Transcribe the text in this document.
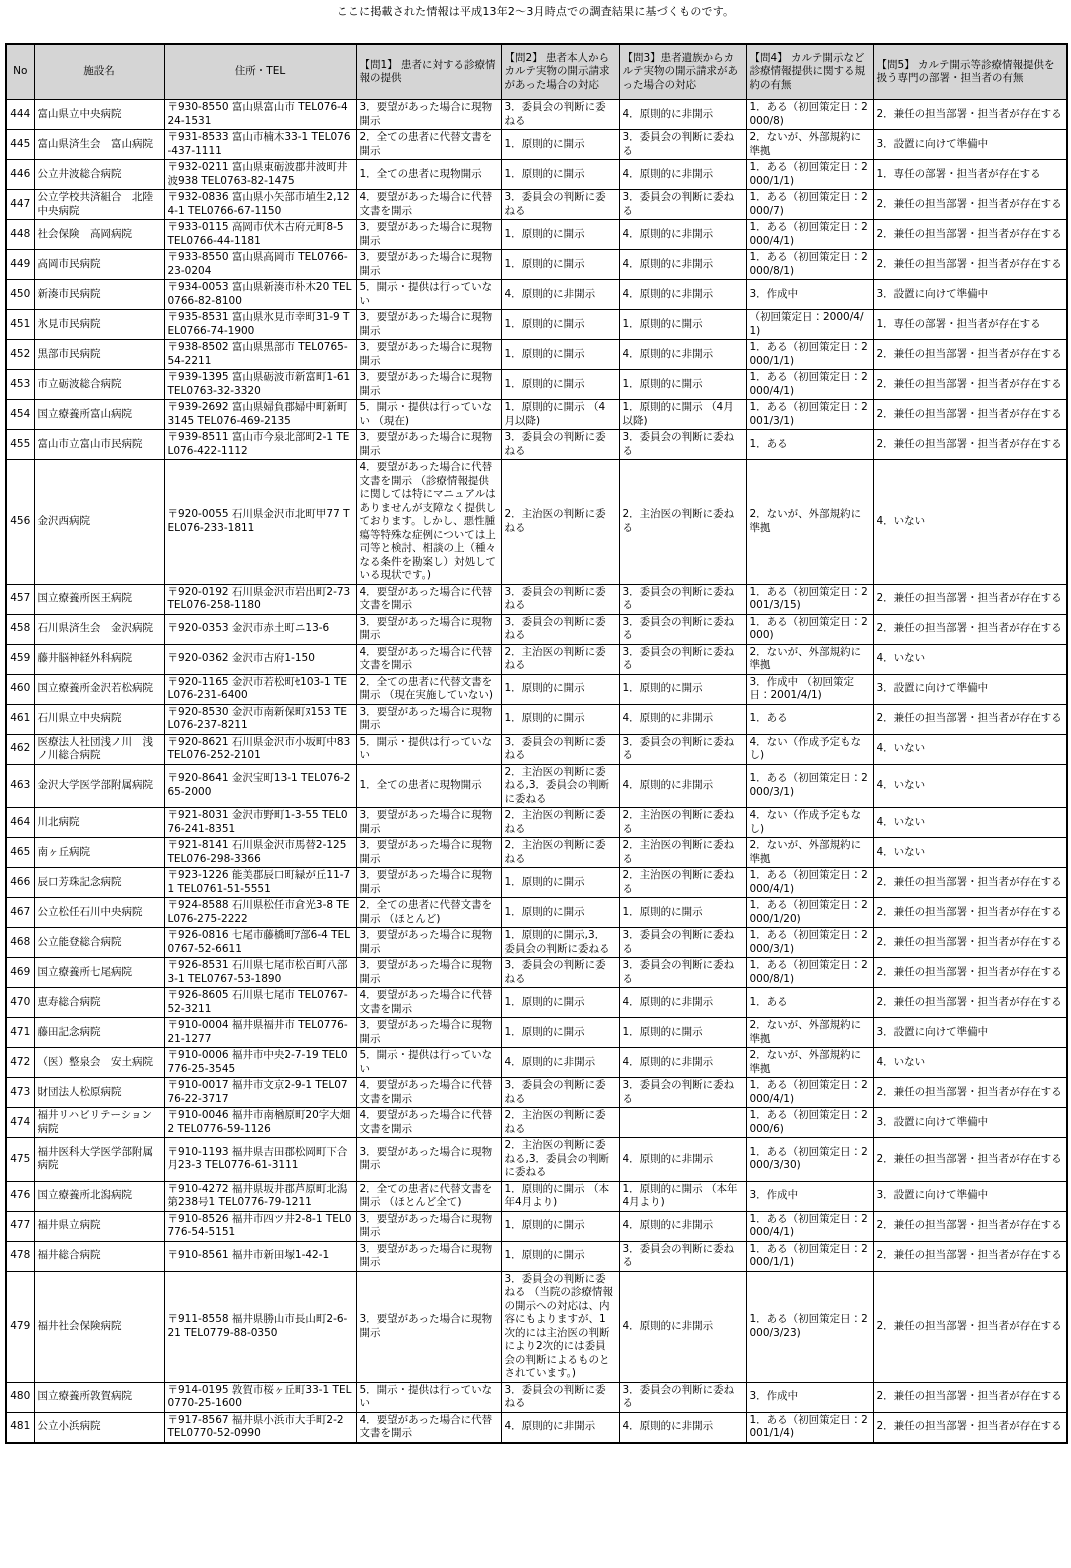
ここに掲載された情報は平成13年2～3月時点での調査結果に基づくものです。
No	施設名	住所・TEL	【問1】 患者に対する診療情報の提供	【問2】 患者本人からカルテ実物の開示請求があった場合の対応	【問3】患者遺族からカルテ実物の開示請求があった場合の対応	【問4】 カルテ開示など診療情報提供に関する規約の有無	【問5】 カルテ開示等診療情報提供を扱う専門の部署・担当者の有無
444	富山県立中央病院	〒930-8550 富山県富山市 TEL076-424-1531	3．要望があった場合に現物開示	3．委員会の判断に委ねる	4．原則的に非開示	1．ある（初回策定日：2000/8)	2．兼任の担当部署・担当者が存在する
445	富山県済生会　富山病院	〒931-8533 富山市楠木33-1 TEL076-437-1111	2．全ての患者に代替文書を開示	1．原則的に開示	3．委員会の判断に委ねる	2．ないが、外部規約に準拠	3．設置に向けて準備中
446	公立井波総合病院	〒932-0211 富山県東砺波郡井波町井波938 TEL0763-82-1475	1．全ての患者に現物開示	1．原則的に開示	4．原則的に非開示	1．ある（初回策定日：2000/1/1)	1．専任の部署・担当者が存在する
447	公立学校共済組合　北陸中央病院	〒932-0836 富山県小矢部市埴生2,124-1 TEL0766-67-1150	4．要望があった場合に代替文書を開示	3．委員会の判断に委ねる	3．委員会の判断に委ねる	1．ある（初回策定日：2000/7)	2．兼任の担当部署・担当者が存在する
448	社会保険　高岡病院	〒933-0115 高岡市伏木古府元町8-5 TEL0766-44-1181	3．要望があった場合に現物開示	1．原則的に開示	4．原則的に非開示	1．ある（初回策定日：2000/4/1)	2．兼任の担当部署・担当者が存在する
449	高岡市民病院	〒933-8550 富山県高岡市 TEL0766-23-0204	3．要望があった場合に現物開示	1．原則的に開示	4．原則的に非開示	1．ある（初回策定日：2000/8/1)	2．兼任の担当部署・担当者が存在する
450	新湊市民病院	〒934-0053 富山県新湊市朴木20 TEL0766-82-8100	5．開示・提供は行っていない	4．原則的に非開示	4．原則的に非開示	3．作成中	3．設置に向けて準備中
451	氷見市民病院	〒935-8531 富山県氷見市幸町31-9 TEL0766-74-1900	3．要望があった場合に現物開示	1．原則的に開示	1．原則的に開示	（初回策定日：2000/4/1)	1．専任の部署・担当者が存在する
452	黒部市民病院	〒938-8502 富山県黒部市 TEL0765-54-2211	3．要望があった場合に現物開示	1．原則的に開示	4．原則的に非開示	1．ある（初回策定日：2000/1/1)	2．兼任の担当部署・担当者が存在する
453	市立砺波総合病院	〒939-1395 富山県砺波市新富町1-61 TEL0763-32-3320	3．要望があった場合に現物開示	1．原則的に開示	1．原則的に開示	1．ある（初回策定日：2000/4/1)	2．兼任の担当部署・担当者が存在する
454	国立療養所富山病院	〒939-2692 富山県婦負郡婦中町新町3145 TEL076-469-2135	5．開示・提供は行っていない （現在)	1．原則的に開示 （4月以降)	1．原則的に開示 （4月以降)	1．ある（初回策定日：2001/3/1)	2．兼任の担当部署・担当者が存在する
455	富山市立富山市民病院	〒939-8511 富山市今泉北部町2-1 TEL076-422-1112	3．要望があった場合に現物開示	3．委員会の判断に委ねる	3．委員会の判断に委ねる	1．ある	2．兼任の担当部署・担当者が存在する
456	金沢西病院	〒920-0055 石川県金沢市北町甲77 TEL076-233-1811	4．要望があった場合に代替文書を開示 （診療情報提供に関しては特にマニュアルはありませんが支障なく提供しております。しかし、悪性腫瘍等特殊な症例については上司等と検討、相談の上（種々なる条件を勘案し）対処している現状です。)	2．主治医の判断に委ねる	2．主治医の判断に委ねる	2．ないが、外部規約に準拠	4．いない
457	国立療養所医王病院	〒920-0192 石川県金沢市岩出町2-73 TEL076-258-1180	4．要望があった場合に代替文書を開示	3．委員会の判断に委ねる	3．委員会の判断に委ねる	1．ある（初回策定日：2001/3/15)	2．兼任の担当部署・担当者が存在する
458	石川県済生会　金沢病院	〒920-0353 金沢市赤土町ニ13-6	3．要望があった場合に現物開示	3．委員会の判断に委ねる	3．委員会の判断に委ねる	1．ある（初回策定日：2000)	2．兼任の担当部署・担当者が存在する
459	藤井脳神経外科病院	〒920-0362 金沢市古府1-150	4．要望があった場合に代替文書を開示	2．主治医の判断に委ねる	3．委員会の判断に委ねる	2．ないが、外部規約に準拠	4．いない
460	国立療養所金沢若松病院	〒920-1165 金沢市若松町ｾ103-1 TEL076-231-6400	2．全ての患者に代替文書を開示 （現在実施していない)	1．原則的に開示	1．原則的に開示	3．作成中 （初回策定日：2001/4/1)	3．設置に向けて準備中
461	石川県立中央病院	〒920-8530 金沢市南新保町ﾇ153 TEL076-237-8211	3．要望があった場合に現物開示	1．原則的に開示	4．原則的に非開示	1．ある	2．兼任の担当部署・担当者が存在する
462	医療法人社団浅ノ川　浅ノ川総合病院	〒920-8621 石川県金沢市小坂町中83 TEL076-252-2101	5．開示・提供は行っていない	3．委員会の判断に委ねる	3．委員会の判断に委ねる	4．ない（作成予定もなし)	4．いない
463	金沢大学医学部附属病院	〒920-8641 金沢宝町13-1 TEL076-265-2000	1．全ての患者に現物開示	2．主治医の判断に委ねる,3．委員会の判断に委ねる	4．原則的に非開示	1．ある（初回策定日：2000/3/1)	4．いない
464	川北病院	〒921-8031 金沢市野町1-3-55 TEL076-241-8351	3．要望があった場合に現物開示	2．主治医の判断に委ねる	2．主治医の判断に委ねる	4．ない（作成予定もなし)	4．いない
465	南ヶ丘病院	〒921-8141 石川県金沢市馬替2-125 TEL076-298-3366	3．要望があった場合に現物開示	2．主治医の判断に委ねる	2．主治医の判断に委ねる	2．ないが、外部規約に準拠	4．いない
466	辰口芳珠記念病院	〒923-1226 能美郡辰口町緑が丘11-71 TEL0761-51-5551	3．要望があった場合に現物開示	1．原則的に開示	2．主治医の判断に委ねる	1．ある（初回策定日：2000/4/1)	2．兼任の担当部署・担当者が存在する
467	公立松任石川中央病院	〒924-8588 石川県松任市倉光3-8 TEL076-275-2222	2．全ての患者に代替文書を開示 （ほとんど)	1．原則的に開示	1．原則的に開示	1．ある（初回策定日：2000/1/20)	2．兼任の担当部署・担当者が存在する
468	公立能登総合病院	〒926-0816 七尾市藤橋町ｱ部6-4 TEL0767-52-6611	3．要望があった場合に現物開示	1．原則的に開示,3．委員会の判断に委ねる	3．委員会の判断に委ねる	1．ある（初回策定日：2000/3/1)	2．兼任の担当部署・担当者が存在する
469	国立療養所七尾病院	〒926-8531 石川県七尾市松百町八部3-1 TEL0767-53-1890	3．要望があった場合に現物開示	3．委員会の判断に委ねる	3．委員会の判断に委ねる	1．ある（初回策定日：2000/8/1)	2．兼任の担当部署・担当者が存在する
470	恵寿総合病院	〒926-8605 石川県七尾市 TEL0767-52-3211	4．要望があった場合に代替文書を開示	1．原則的に開示	4．原則的に非開示	1．ある	2．兼任の担当部署・担当者が存在する
471	藤田記念病院	〒910-0004 福井県福井市 TEL0776-21-1277	3．要望があった場合に現物開示	1．原則的に開示	1．原則的に開示	2．ないが、外部規約に準拠	3．設置に向けて準備中
472	（医）整泉会　安土病院	〒910-0006 福井市中央2-7-19 TEL0776-25-3545	5．開示・提供は行っていない	4．原則的に非開示	4．原則的に非開示	2．ないが、外部規約に準拠	4．いない
473	財団法人松原病院	〒910-0017 福井市文京2-9-1 TEL0776-22-3717	4．要望があった場合に代替文書を開示	3．委員会の判断に委ねる	3．委員会の判断に委ねる	1．ある（初回策定日：2000/4/1)	2．兼任の担当部署・担当者が存在する
474	福井リハビリテーション病院	〒910-0046 福井市南楢原町20字大畑2 TEL0776-59-1126	4．要望があった場合に代替文書を開示	2．主治医の判断に委ねる		1．ある（初回策定日：2000/6)	3．設置に向けて準備中
475	福井医科大学医学部附属病院	〒910-1193 福井県吉田郡松岡町下合月23-3 TEL0776-61-3111	3．要望があった場合に現物開示	2．主治医の判断に委ねる,3．委員会の判断に委ねる	4．原則的に非開示	1．ある（初回策定日：2000/3/30)	2．兼任の担当部署・担当者が存在する
476	国立療養所北潟病院	〒910-4272 福井県坂井郡芦原町北潟第238号1 TEL0776-79-1211	2．全ての患者に代替文書を開示 （ほとんど全て)	1．原則的に開示 （本年4月より)	1．原則的に開示 （本年4月より)	3．作成中	3．設置に向けて準備中
477	福井県立病院	〒910-8526 福井市四ツ井2-8-1 TEL0776-54-5151	3．要望があった場合に現物開示	1．原則的に開示	4．原則的に非開示	1．ある（初回策定日：2000/4/1)	2．兼任の担当部署・担当者が存在する
478	福井総合病院	〒910-8561 福井市新田塚1-42-1	3．要望があった場合に現物開示	1．原則的に開示	3．委員会の判断に委ねる	1．ある（初回策定日：2000/1/1)	2．兼任の担当部署・担当者が存在する
479	福井社会保険病院	〒911-8558 福井県勝山市長山町2-6-21 TEL0779-88-0350	3．要望があった場合に現物開示	3．委員会の判断に委ねる （当院の診療情報の開示への対応は、内容にもよりますが、1次的には主治医の判断により2次的には委員会の判断によるものとされています。)	4．原則的に非開示	1．ある（初回策定日：2000/3/23)	2．兼任の担当部署・担当者が存在する
480	国立療養所敦賀病院	〒914-0195 敦賀市桜ヶ丘町33-1 TEL0770-25-1600	5．開示・提供は行っていない	3．委員会の判断に委ねる	3．委員会の判断に委ねる	3．作成中	2．兼任の担当部署・担当者が存在する
481	公立小浜病院	〒917-8567 福井県小浜市大手町2-2 TEL0770-52-0990	4．要望があった場合に代替文書を開示	4．原則的に非開示	4．原則的に非開示	1．ある（初回策定日：2001/1/4)	2．兼任の担当部署・担当者が存在する
